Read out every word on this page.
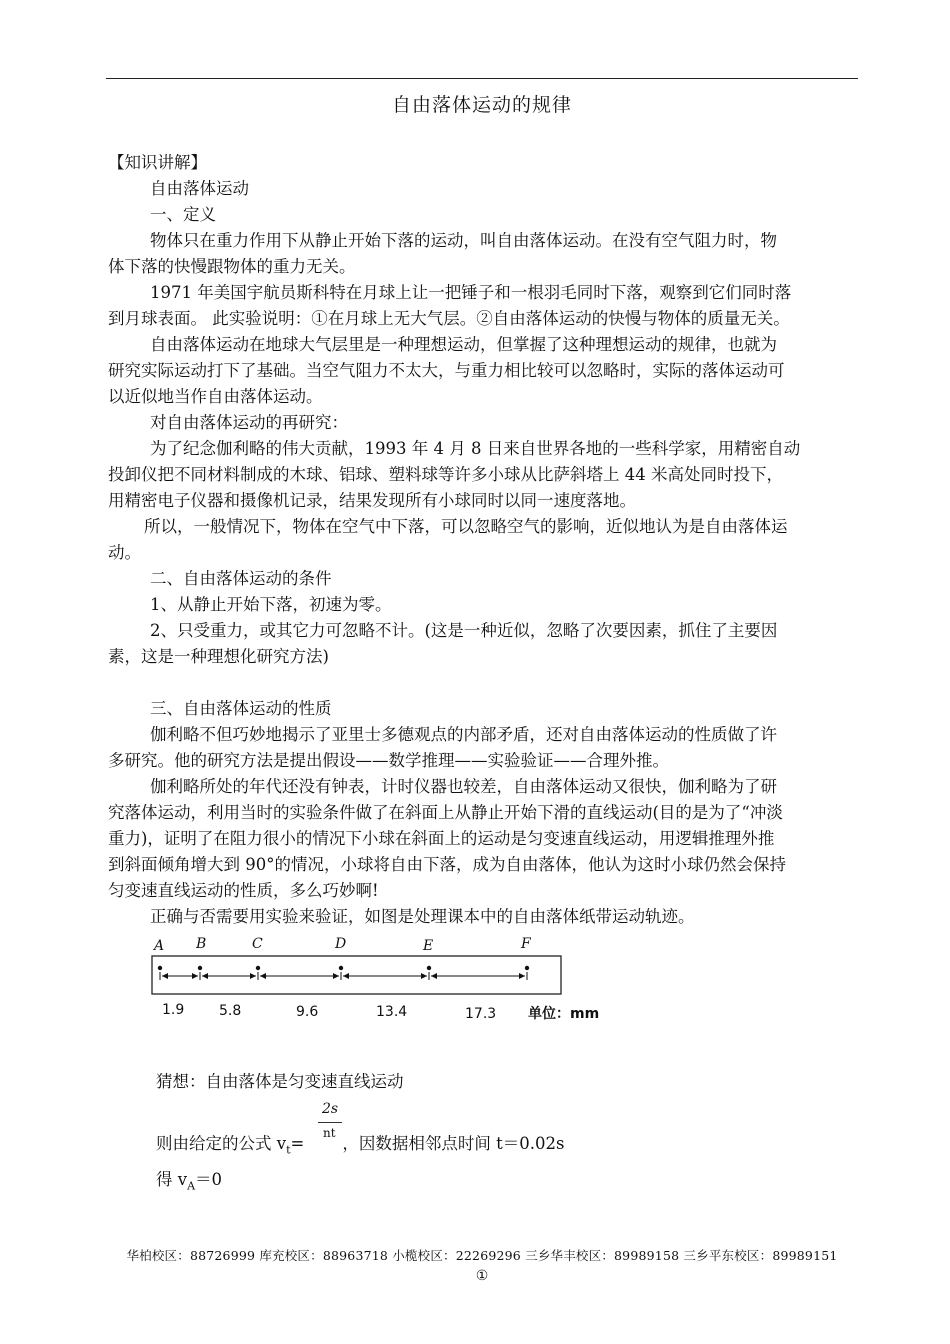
自由落体运动的规律
【知识讲解】
自由落体运动
一、定义
物体只在重力作用下从静止开始下落的运动，叫自由落体运动。在没有空气阻力时，物
体下落的快慢跟物体的重力无关。
1971 年美国宇航员斯科特在月球上让一把锤子和一根羽毛同时下落，观察到它们同时落
到月球表面。 此实验说明：①在月球上无大气层。②自由落体运动的快慢与物体的质量无关。
自由落体运动在地球大气层里是一种理想运动，但掌握了这种理想运动的规律，也就为
研究实际运动打下了基础。当空气阻力不太大，与重力相比较可以忽略时，实际的落体运动可
以近似地当作自由落体运动。
对自由落体运动的再研究：
为了纪念伽利略的伟大贡献，1993 年 4 月 8 日来自世界各地的一些科学家，用精密自动
投卸仪把不同材料制成的木球、铝球、塑料球等许多小球从比萨斜塔上 44 米高处同时投下，
用精密电子仪器和摄像机记录，结果发现所有小球同时以同一速度落地。
所以，一般情况下，物体在空气中下落，可以忽略空气的影响，近似地认为是自由落体运
动。
二、自由落体运动的条件
1、从静止开始下落，初速为零。
2、只受重力，或其它力可忽略不计。(这是一种近似，忽略了次要因素，抓住了主要因
素，这是一种理想化研究方法)
三、自由落体运动的性质
伽利略不但巧妙地揭示了亚里士多德观点的内部矛盾，还对自由落体运动的性质做了许
多研究。他的研究方法是提出假设——数学推理——实验验证——合理外推。
伽利略所处的年代还没有钟表，计时仪器也较差，自由落体运动又很快，伽利略为了研
究落体运动，利用当时的实验条件做了在斜面上从静止开始下滑的直线运动(目的是为了“冲淡
重力)，证明了在阻力很小的情况下小球在斜面上的运动是匀变速直线运动，用逻辑推理外推
到斜面倾角增大到 90°的情况，小球将自由下落，成为自由落体，他认为这时小球仍然会保持
匀变速直线运动的性质，多么巧妙啊!
正确与否需要用实验来验证，如图是处理课本中的自由落体纸带运动轨迹。
A B	C	D	E	F
1.9 5.8	9.6	13.4	17.3 单位：mm
猜想：自由落体是匀变速直线运动
则由给定的公式 $v_t=$ ，因数据相邻点时间 t＝0.02s
2s
nt
得 $v_A=0$
华柏校区：88726999 库充校区：88963718 小榄校区：22269296 三乡华丰校区：89989158 三乡平东校区：89989151
①
